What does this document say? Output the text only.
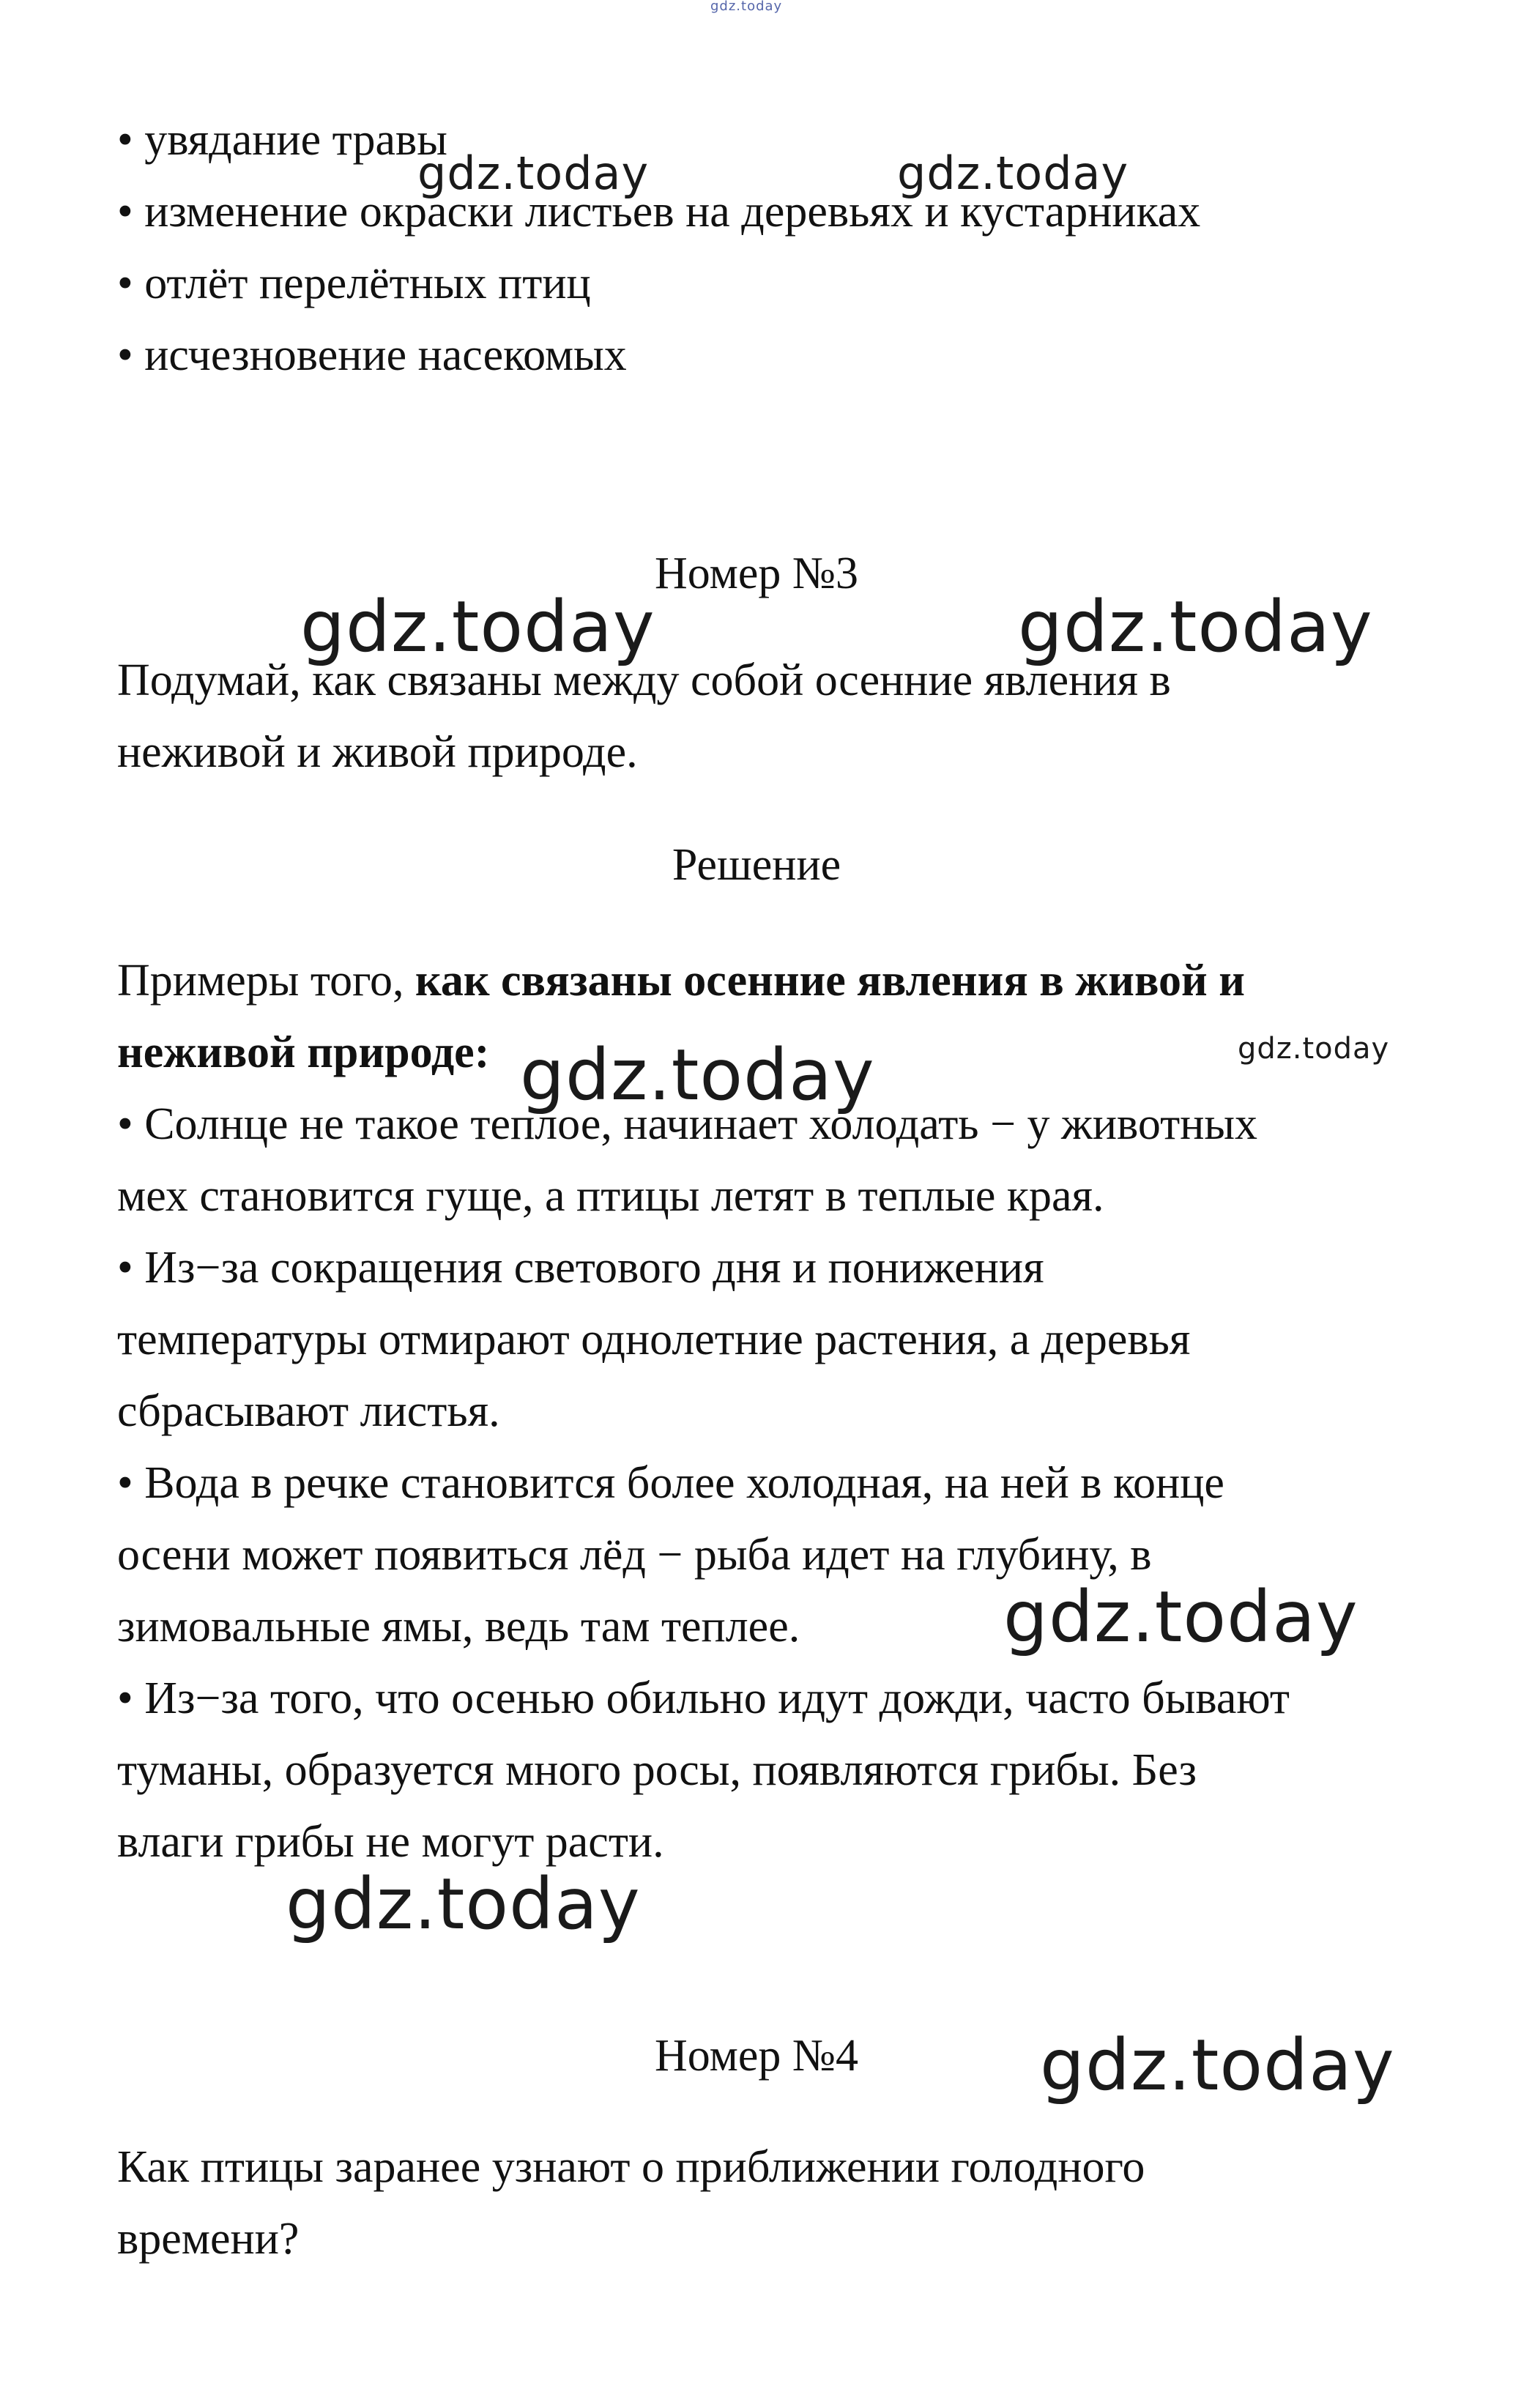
• увядание травы

• изменение окраски листьев на деревьях и кустарниках

• отлёт перелётных птиц

• исчезновение насекомых

Номер №3

Подумай, как связаны между собой осенние явления в

неживой и живой природе.

Решение

Примеры того, как связаны осенние явления в живой и

неживой природе:

• Солнце не такое теплое, начинает холодать − у животных

мех становится гуще, а птицы летят в теплые края.

• Из−за сокращения светового дня и понижения

температуры отмирают однолетние растения, а деревья

сбрасывают листья.

• Вода в речке становится более холодная, на ней в конце

осени может появиться лёд − рыба идет на глубину, в

зимовальные ямы, ведь там теплее.

• Из−за того, что осенью обильно идут дожди, часто бывают

туманы, образуется много росы, появляются грибы. Без

влаги грибы не могут расти.

Номер №4

Как птицы заранее узнают о приближении голодного

времени?

gdz.today
gdz.today	gdz.today
gdz.today	gdz.today
gdz.today	gdz.today
gdz.today
gdz.today
gdz.today
